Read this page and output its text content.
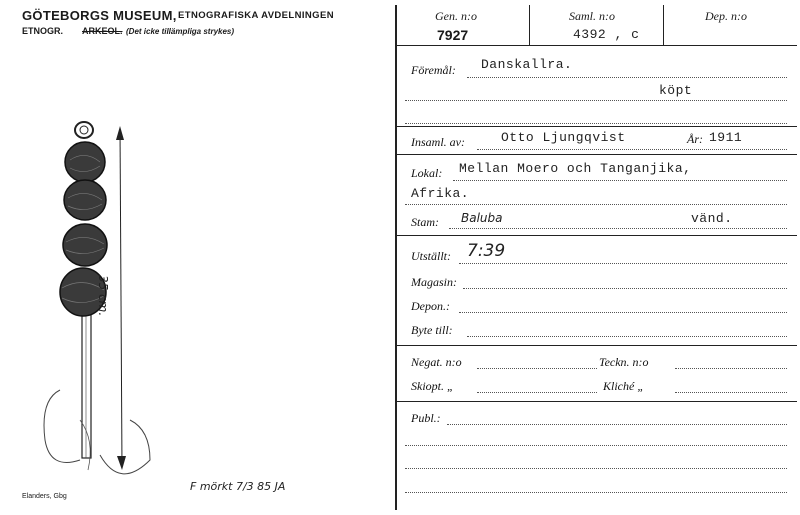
GÖTEBORGS MUSEUM, ETNOGRAFISKA AVDELNINGEN
ETNOGR. ARKEOL. (Det icke tillämpliga strykes)
35 cm.
F mörkt 7/3 85 JA
Elanders, Gbg
Gen. n:o
7927
Saml. n:o
4392 , c
Dep. n:o
Föremål: Danskallra.
köpt
Insaml. av:	Otto Ljungqvist	År: 1911
Lokal: Mellan Moero och Tanganjika,
Afrika.
Stam: Baluba	vänd.
Utställt: 7:39
Magasin:
Depon.:
Byte till:
Negat. n:o	Teckn. n:o
Skiopt. „	Kliché „
Publ.:
